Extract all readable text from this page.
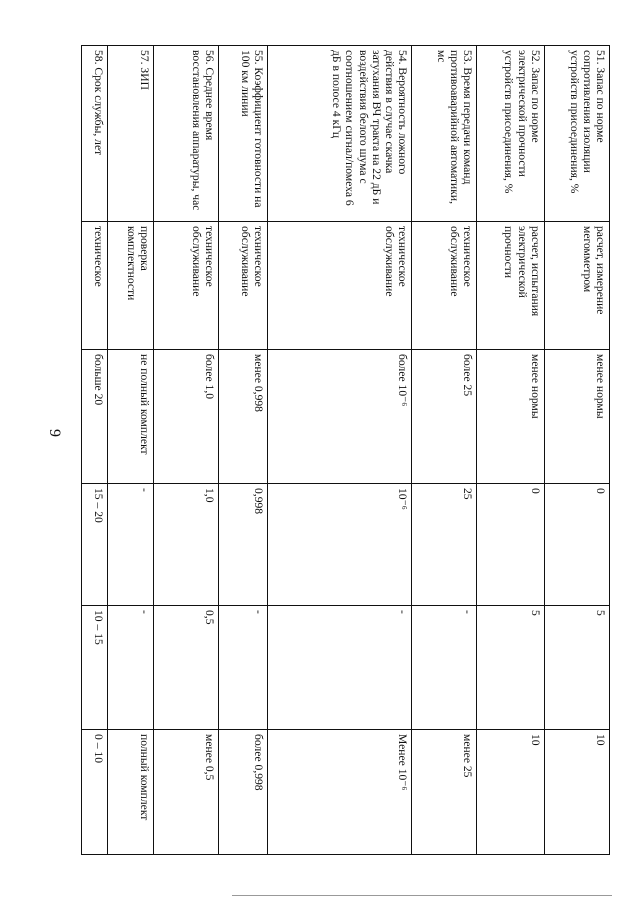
9
51. Запас по норме сопротивления изоляции устройств присоединения, %	расчет, измерение мегомметром	менее нормы	0	5	10
52. Запас по норме электрической прочности устройств присоединения, %	расчет, испытания электрической прочности	менее нормы	0	5	10
53. Время передачи команд противоаварийной автоматики, мс	техническое обслуживание	более 25	25	-	менее 25
54. Вероятность ложного действия в случае скачка затухания ВЧ тракта на 22 дБ и воздействия белого шума с соотношением сигнал/помеха 6 дБ в полосе 4 кГц	техническое обслуживание	более 10⁻⁶	10⁻⁶	-	Менее 10⁻⁶
55. Коэффициент готовности на 100 км линии	техническое обслуживание	менее 0,998	0,998	-	более 0,998
56. Среднее время восстановления аппаратуры, час	техническое обслуживание	более 1,0	1,0	0,5	менее 0,5
57. ЗИП	проверка комплектности	не полный комплект	-	-	полный комплект
58. Срок службы, лет	техническое	больше 20	15 – 20	10 – 15	0 – 10
